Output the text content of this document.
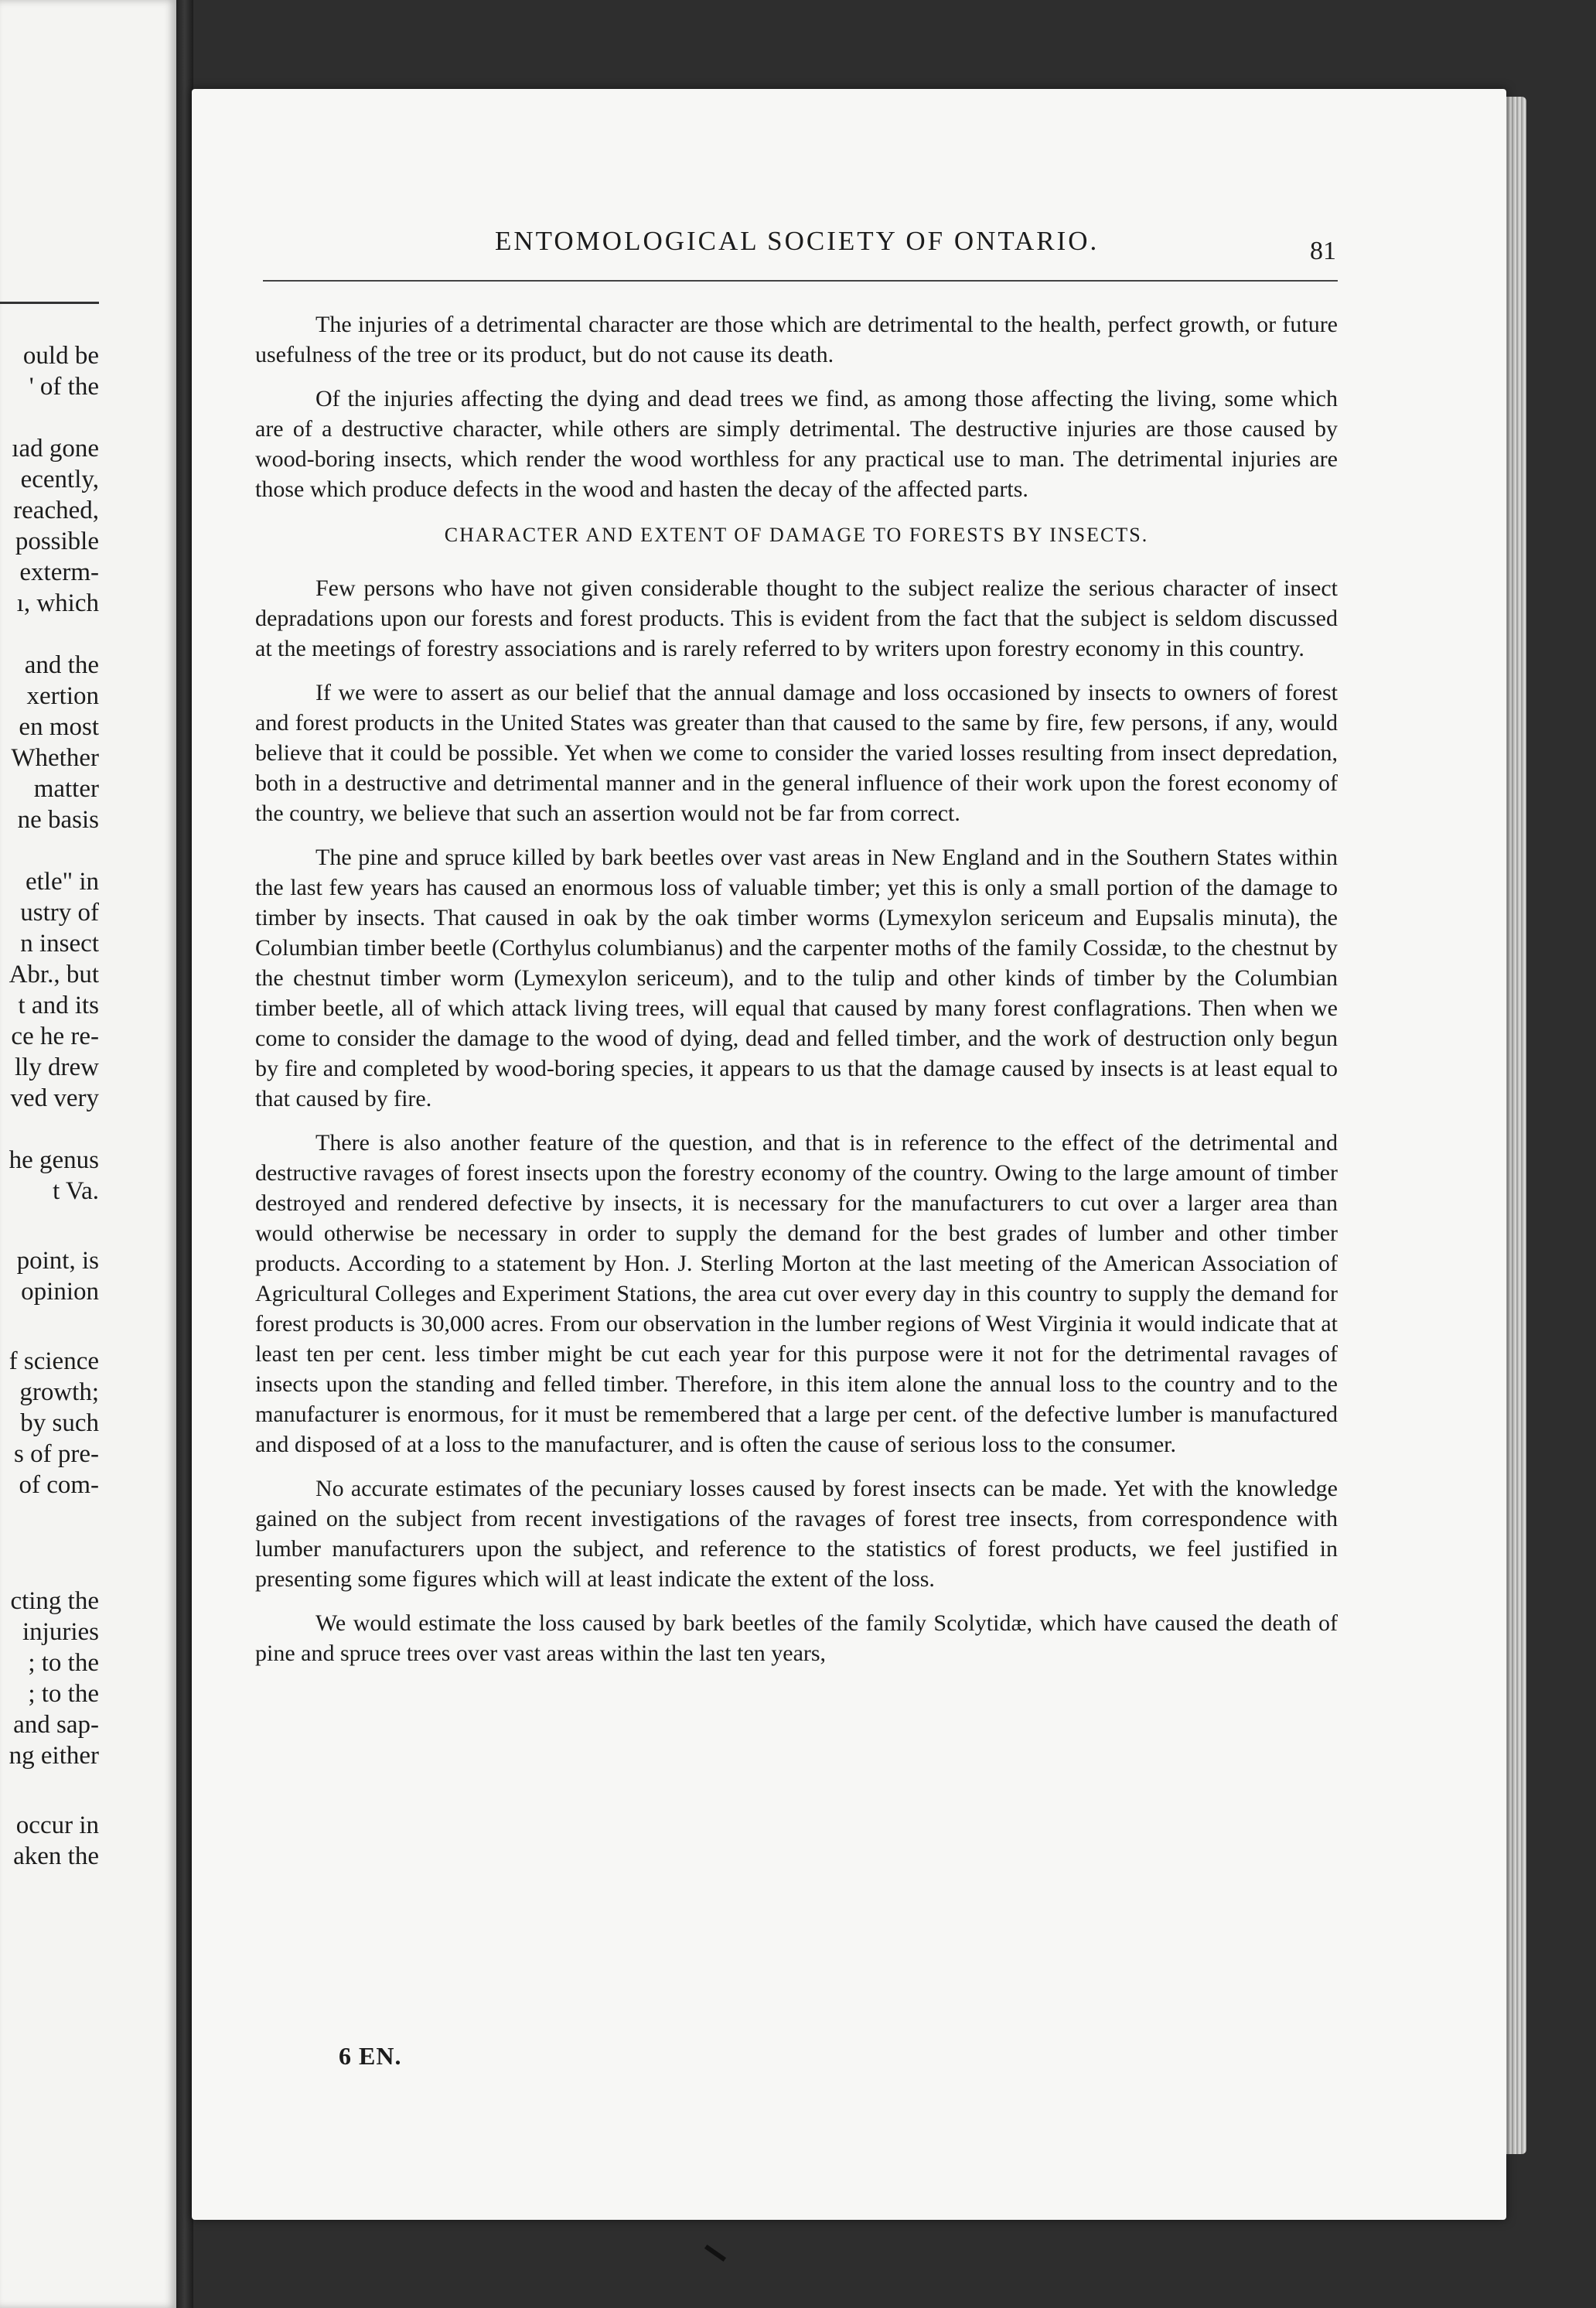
ould be
' of the
ıad gone
ecently,
reached,
possible
exterm-
ı, which
and the
xertion
en most
Whether
matter
ne basis
etle" in
ustry of
n insect
Abr., but
t and its
ce he re-
lly drew
ved very
he genus
t Va.
point, is
opinion
f science
growth;
by such
s of pre-
of com-
cting the
injuries
; to the
; to the
and sap-
ng either
occur in
aken the
ENTOMOLOGICAL SOCIETY OF ONTARIO.	81

The injuries of a detrimental character are those which are detrimental to the health, perfect growth, or future usefulness of the tree or its product, but do not cause its death.

Of the injuries affecting the dying and dead trees we find, as among those affecting the living, some which are of a destructive character, while others are simply detrimental. The destructive injuries are those caused by wood-boring insects, which render the wood worthless for any practical use to man. The detrimental injuries are those which produce defects in the wood and hasten the decay of the affected parts.

CHARACTER AND EXTENT OF DAMAGE TO FORESTS BY INSECTS.

Few persons who have not given considerable thought to the subject realize the serious character of insect depradations upon our forests and forest products. This is evident from the fact that the subject is seldom discussed at the meetings of forestry associations and is rarely referred to by writers upon forestry economy in this country.

If we were to assert as our belief that the annual damage and loss occasioned by insects to owners of forest and forest products in the United States was greater than that caused to the same by fire, few persons, if any, would believe that it could be possible. Yet when we come to consider the varied losses resulting from insect depredation, both in a destructive and detrimental manner and in the general influence of their work upon the forest economy of the country, we believe that such an assertion would not be far from correct.

The pine and spruce killed by bark beetles over vast areas in New England and in the Southern States within the last few years has caused an enormous loss of valuable timber; yet this is only a small portion of the damage to timber by insects. That caused in oak by the oak timber worms (Lymexylon sericeum and Eupsalis minuta), the Columbian timber beetle (Corthylus columbianus) and the carpenter moths of the family Cossidæ, to the chestnut by the chestnut timber worm (Lymexylon sericeum), and to the tulip and other kinds of timber by the Columbian timber beetle, all of which attack living trees, will equal that caused by many forest conflagrations. Then when we come to consider the damage to the wood of dying, dead and felled timber, and the work of destruction only begun by fire and completed by wood-boring species, it appears to us that the damage caused by insects is at least equal to that caused by fire.

There is also another feature of the question, and that is in reference to the effect of the detrimental and destructive ravages of forest insects upon the forestry economy of the country. Owing to the large amount of timber destroyed and rendered defective by insects, it is necessary for the manufacturers to cut over a larger area than would otherwise be necessary in order to supply the demand for the best grades of lumber and other timber products. According to a statement by Hon. J. Sterling Morton at the last meeting of the American Association of Agricultural Colleges and Experiment Stations, the area cut over every day in this country to supply the demand for forest products is 30,000 acres. From our observation in the lumber regions of West Virginia it would indicate that at least ten per cent. less timber might be cut each year for this purpose were it not for the detrimental ravages of insects upon the standing and felled timber. Therefore, in this item alone the annual loss to the country and to the manufacturer is enormous, for it must be remembered that a large per cent. of the defective lumber is manufactured and disposed of at a loss to the manufacturer, and is often the cause of serious loss to the consumer.

No accurate estimates of the pecuniary losses caused by forest insects can be made. Yet with the knowledge gained on the subject from recent investigations of the ravages of forest tree insects, from correspondence with lumber manufacturers upon the subject, and reference to the statistics of forest products, we feel justified in presenting some figures which will at least indicate the extent of the loss.

We would estimate the loss caused by bark beetles of the family Scolytidæ, which have caused the death of pine and spruce trees over vast areas within the last ten years,

6 EN.
